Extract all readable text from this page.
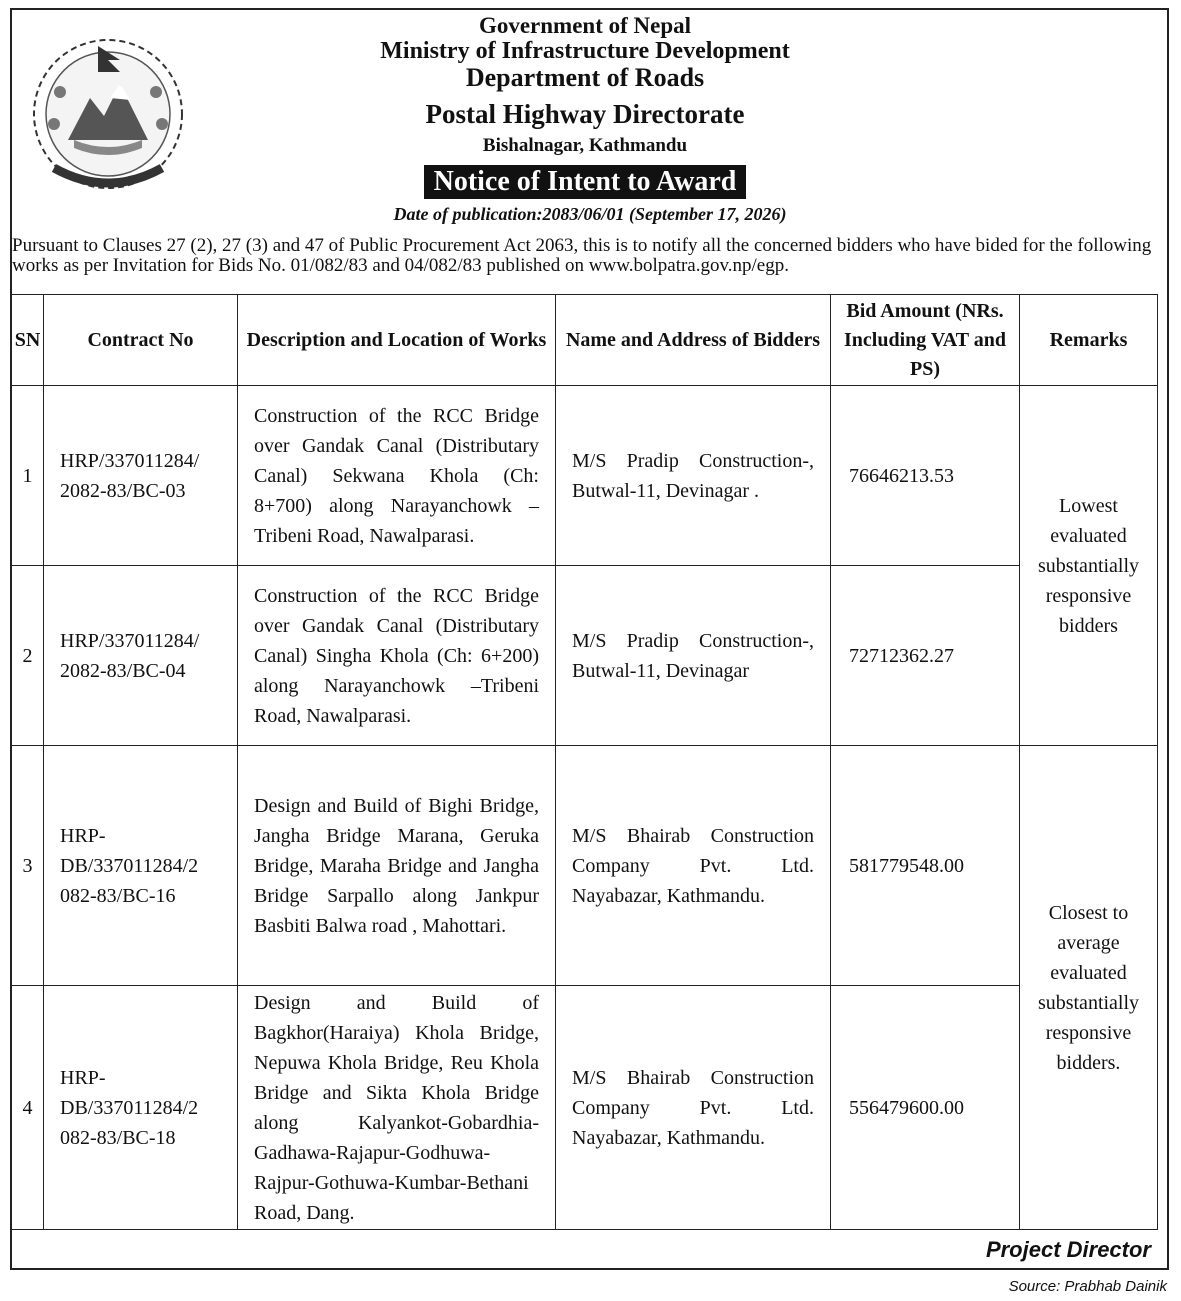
Government of Nepal
Ministry of Infrastructure Development
Department of Roads
Postal Highway Directorate
Bishalnagar, Kathmandu
Notice of Intent to Award
Date of publication:2083/06/01 (September 17, 2026)
Pursuant to Clauses 27 (2), 27 (3) and 47 of Public Procurement Act 2063, this is to notify all the concerned bidders who have bided for the following works as per Invitation for Bids No. 01/082/83 and 04/082/83 published on www.bolpatra.gov.np/egp.
SN	Contract No	Description and Location of Works	Name and Address of Bidders	Bid Amount (NRs. Including VAT and PS)	Remarks
1	HRP/337011284/ 2082-83/BC-03	Construction of the RCC Bridge over Gandak Canal (Distributary Canal) Sekwana Khola (Ch: 8+700) along Narayanchowk –Tribeni Road, Nawalparasi.	M/S Pradip Construction-, Butwal-11, Devinagar .	76646213.53	Lowest evaluated substantially responsive bidders
2	HRP/337011284/ 2082-83/BC-04	Construction of the RCC Bridge over Gandak Canal (Distributary Canal) Singha Khola (Ch: 6+200) along Narayanchowk –Tribeni Road, Nawalparasi.	M/S Pradip Construction-, Butwal-11, Devinagar	72712362.27	
3	HRP- DB/337011284/2 082-83/BC-16	Design and Build of Bighi Bridge, Jangha Bridge Marana, Geruka Bridge, Maraha Bridge and Jangha Bridge Sarpallo along Jankpur Basbiti Balwa road , Mahottari.	M/S Bhairab Construction Company Pvt. Ltd. Nayabazar, Kathmandu.	581779548.00	Closest to average evaluated substantially responsive bidders.
4	HRP- DB/337011284/2 082-83/BC-18	Design and Build of Bagkhor(Haraiya) Khola Bridge, Nepuwa Khola Bridge, Reu Khola Bridge and Sikta Khola Bridge along Kalyankot-Gobardhia-Gadhawa-Rajapur-Godhuwa-Rajpur-Gothuwa-Kumbar-Bethani Road, Dang.	M/S Bhairab Construction Company Pvt. Ltd. Nayabazar, Kathmandu.	556479600.00	
Project Director
Source: Prabhab Dainik
